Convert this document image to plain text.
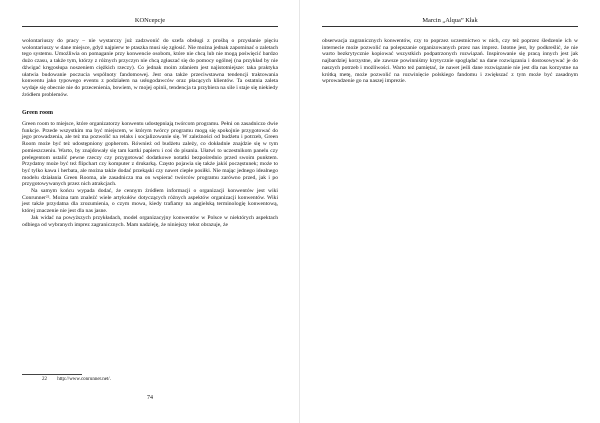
KONcepcje

wolontariuszy do pracy – nie wystarczy już zadzwonić do szefa obsługi z prośbą o przysłanie pięciu wolontariuszy w dane miejsce, gdyż najpierw te ptaszka musi się zgłosić. Nie można jednak zapominać o zaletach tego systemu. Umożliwia on pomaganie przy konwencie osobom, które nie chcą lub nie mogą poświęcić bardzo dużo czasu, a także tym, którzy z różnych przyczyn nie chcą zgłaszać się do pomocy ogólnej (na przykład by nie dźwigać kręgosłupa noszeniem ciężkich rzeczy). Co jednak moim zdaniem jest najistotniejsze: taka praktyka ułatwia budowanie poczucia wspólnoty fandomowej. Jest ona także przeciwstawna tendencji traktowania konwentu jako typowego eventu z podziałem na usługodawców oraz płacących klientów. Ta ostatnia zaleta wydaje się obecnie nie do przecenienia, bowiem, w mojej opinii, tendencja ta przybiera na sile i staje się niekiedy źródłem problemów.

Green room

Green room to miejsce, które organizatorzy konwentu udostępniają twórcom programu. Pełni on zasadniczo dwie funkcje. Przede wszystkim ma być miejscem, w którym twórcy programu mogą się spokojnie przygotować do jego prowadzenia, ale też ma pozwolić na relaks i socjalizowanie się. W zależności od budżetu i potrzeb, Green Room może być też udostępniony gopherom. Również od budżetu zależy, co dokładnie znajdzie się w tym pomieszczeniu. Warto, by znajdowały się tam kartki papieru i coś do pisania. Ułatwi to uczestnikom panelu czy prelegentom ustalić pewne rzeczy czy przygotować dodatkowe notatki bezpośrednio przed swoim punktem. Przydatny może być też flipchart czy komputer z drukarką. Często pojawia się także jakiś poczęstunek; może to być tylko kawa i herbata, ale można także dodać przekąski czy nawet ciepłe posiłki. Nie mając jednego idealnego modelu działania Green Rooma, ale zasadnicza ma on wspierać twórców programu zarówno przed, jak i po przygotowywanych przez nich atrakcjach.

Na samym końcu wypada dodać, że cennym źródłem informacji o organizacji konwentów jest wiki Conrunner²². Można tam znaleźć wiele artykułów dotyczących różnych aspektów organizacji konwentów. Wiki jest także przydatna dla zrozumienia, o czym mowa, kiedy trafiamy na angielską terminologię konwentową, której znaczenie nie jest dla nas jasne.

Jak widać na powyższych przykładach, model organizacyjny konwentów w Polsce w niektórych aspektach odbiega od wybranych imprez zagranicznych. Mam nadzieję, że niniejszy tekst obrazuje, że

22 http://www.conrunner.net/.
74
Marcin „Alqua” Kłak

obserwacja zagranicznych konwentów, czy to poprzez uczestnictwo w nich, czy też poprzez śledzenie ich w internecie może pozwolić na polepszanie organizowanych przez nas imprez. Istotne jest, by podkreślić, że nie warto bezkrytycznie kopiować wszystkich podpatrzonych rozwiązań. Inspirowanie się pracą innych jest jak najbardziej korzystne, ale zawsze powinniśmy krytycznie spoglądać na dane rozwiązania i dostosowywać je do naszych potrzeb i możliwości. Warto też pamiętać, że nawet jeśli dane rozwiązanie nie jest dla nas korzystne na krótką metę, może pozwolić na rozwinięcie polskiego fandomu i zwiększać z tym może być zasadnym wprowadzenie go na naszej imprezie.
